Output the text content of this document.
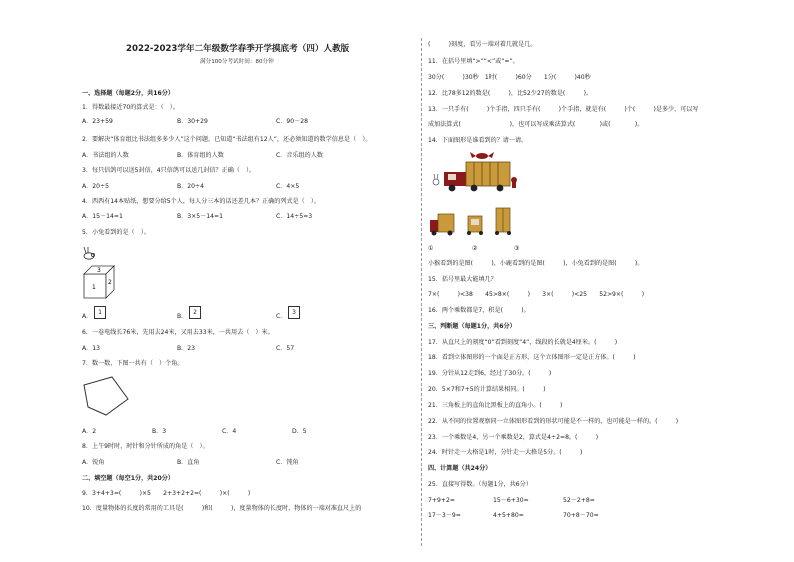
2022-2023学年二年级数学春季开学摸底考（四）人教版
满分100分考试时间：80分钟
一、选择题（每题2分，共16分）
1．得数最接近70的算式是：（　）。
A．23+59	B．30+29	C．90－28
2．要解决“体育组比书法组多多少人”这个问题，已知道“书法组有12人”，还必须知道的数学信息是（　）。
A．书法组的人数	B．体育组的人数	C．音乐组的人数
3．每只信鸽可以送5封信，4只信鸽可以送几封信？正确（　）。
A．20÷5	B．20÷4	C．4×5
4．西西有14本贴纸，想要分给5个人，每人分三本的话还差几本？正确的列式是（　）。
A．15－14=1	B．3×5－14=1	C．14÷5=3
5．小兔看到的是（　）。
3
1
2
A．
1
B．
2
C．
3
6．一卷电线长76米，先用去24米，又用去33米，一共用去（　）米。
A．13	B．23	C．57
7．数一数，下图一共有（　）个角。
A．2	B．3	C．4	D．5
8．上午9时时，时针和分针所成的角是（　）。
A．锐角	B．直角	C．钝角
二、填空题（每空1分，共20分）
9．3+4+3=(　　　)×5　　2+3+2+2=(　　　)×(　　　)
10．度量物体的长度的常用的工具是(　　　)和(　　　)，度量物体的长度时，物体的一端对准直尺上的
(　　　)刻度，看另一端对着几就是几。
11．在括号里填“>”“<”或“=”。
30分(　　　)30秒　1时(　　　)60分　　1分(　　　)40秒
12．比78多12的数是(　　　)，比52少27的数是(　　　)。
13．一只手有(　　　)个手指，四只手有(　　　)个手指，就是有(　　　)个(　　　)是多少，可以写
成加法算式(　　　　　　　　)，也可以写成乘法算式(　　　　)或(　　　　)。
14．下面图形是谁看到的？请一请。
①	②	③
小猴看到的是图(　　　)，小鹿看到的是图(　　　)，小兔看到的是图(　　　)。
15．括号里最大能填几？
7×(　　　)<38　　45>8×(　　　)　　3×(　　　)<25　　52>9×(　　　)
16．两个乘数都是7，积是(　　　)。
三、判断题（每题1分，共6分）
17．从直尺上的刻度“0”看到刻度“4”，线段的长就是4厘米。(　　　)
18．看到立体图形的一个面是正方形，这个立体图形一定是正方体。(　　　)
19．分针从12走到6，经过了30分。(　　　)
20．5×7和7+5的计算结果相同。(　　　)
21．三角板上的直角比黑板上的直角小。(　　　)
22．从不同的位置观察同一立体图形看到的形状可能是不一样的，也可能是一样的。(　　　)
23．一个乘数是4，另一个乘数是2，算式是4÷2=8。(　　　)
24．时针走一大格是1时，分针走一大格是5分。(　　　)
四、计算题（共24分）
25．直接写得数。（每题1分，共6分）
7+9+2=	15－6+30=	52－2+8=
17－3－9=	4+5+80=	70+8－70=
